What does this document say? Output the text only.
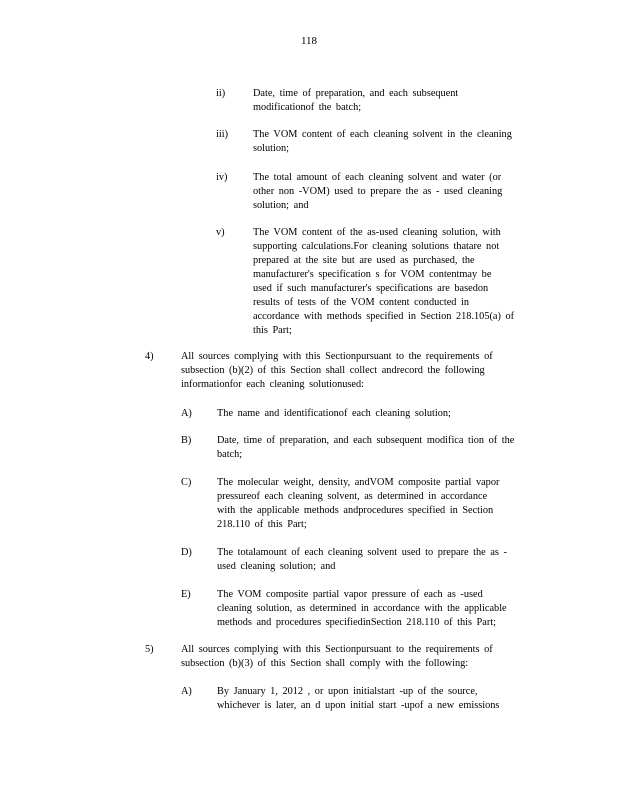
118
ii)	Date, time of preparation, and each subsequent
modificationof the batch;
iii) The VOM content of each cleaning solvent in the cleaning
solution;
iv) The total amount of each cleaning solvent and water (or
other non -VOM) used to prepare the as - used cleaning
solution; and
v)	The VOM content of the as-used cleaning solution, with
supporting calculations.For cleaning solutions thatare not
prepared at the site but are used as purchased, the
manufacturer's specification s for VOM contentmay be
used if such manufacturer's specifications are basedon
results of tests of the VOM content conducted in
accordance with methods specified in Section 218.105(a) of
this Part;
4)	All sources complying with this Sectionpursuant to the requirements of
subsection (b)(2) of this Section shall collect andrecord the following
informationfor each cleaning solutionused:
A) The name and identificationof each cleaning solution;
B) Date, time of preparation, and each subsequent modifica tion of the
batch;
C) The molecular weight, density, andVOM composite partial vapor
pressureof each cleaning solvent, as determined in accordance
with the applicable methods andprocedures specified in Section
218.110 of this Part;
D) The totalamount of each cleaning solvent used to prepare the as -
used cleaning solution; and
E)	The VOM composite partial vapor pressure of each as -used
cleaning solution, as determined in accordance with the applicable
methods and procedures specifiedinSection 218.110 of this Part;
5)	All sources complying with this Sectionpursuant to the requirements of
subsection (b)(3) of this Section shall comply with the following:
A) By January 1, 2012 , or upon initialstart -up of the source,
whichever is later, an d upon initial start -upof a new emissions
